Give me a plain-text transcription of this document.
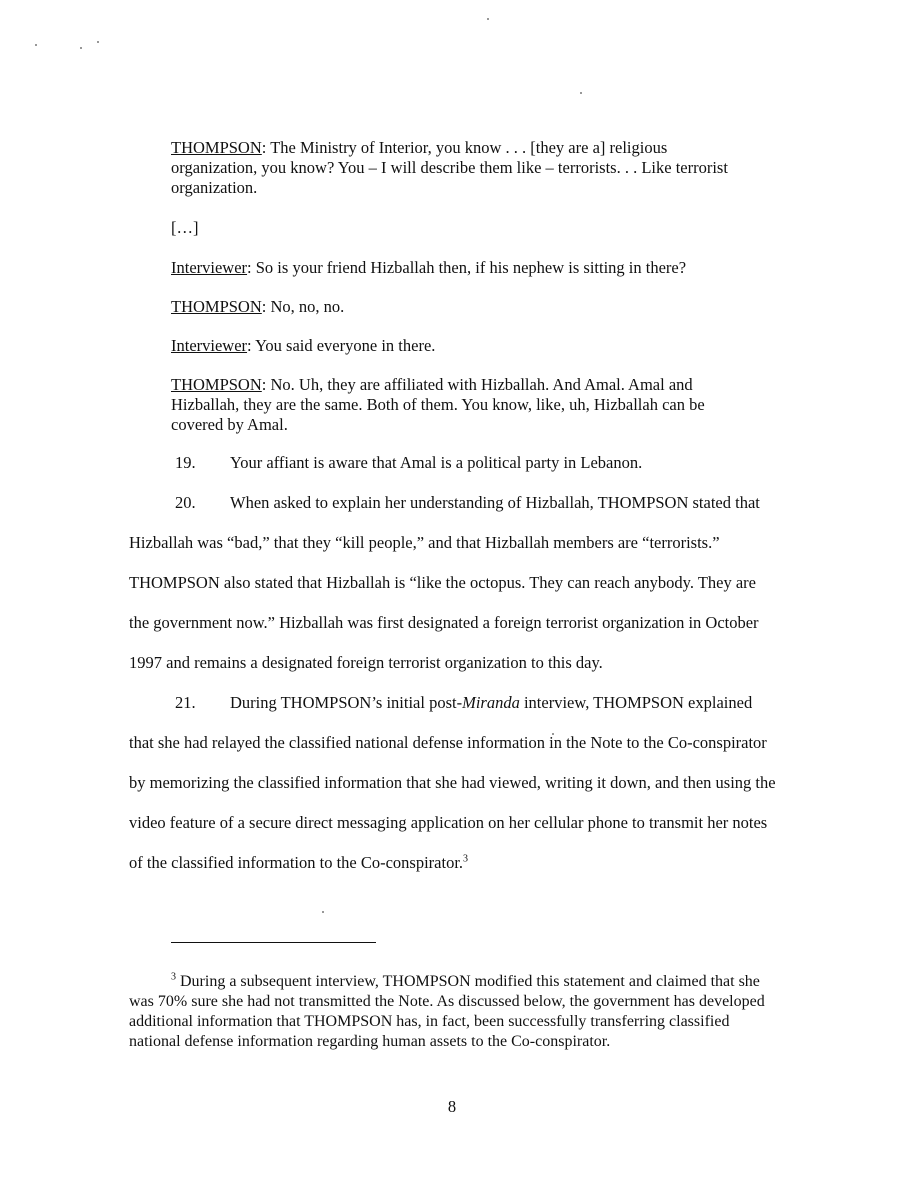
THOMPSON: The Ministry of Interior, you know . . . [they are a] religious organization, you know? You – I will describe them like – terrorists. . . Like terrorist organization.

[…]

Interviewer: So is your friend Hizballah then, if his nephew is sitting in there?

THOMPSON: No, no, no.

Interviewer: You said everyone in there.

THOMPSON: No. Uh, they are affiliated with Hizballah. And Amal. Amal and Hizballah, they are the same. Both of them. You know, like, uh, Hizballah can be covered by Amal.

19. Your affiant is aware that Amal is a political party in Lebanon.

20. When asked to explain her understanding of Hizballah, THOMPSON stated that Hizballah was “bad,” that they “kill people,” and that Hizballah members are “terrorists.” THOMPSON also stated that Hizballah is “like the octopus. They can reach anybody. They are the government now.” Hizballah was first designated a foreign terrorist organization in October 1997 and remains a designated foreign terrorist organization to this day.

21. During THOMPSON’s initial post-Miranda interview, THOMPSON explained that she had relayed the classified national defense information in the Note to the Co-conspirator by memorizing the classified information that she had viewed, writing it down, and then using the video feature of a secure direct messaging application on her cellular phone to transmit her notes of the classified information to the Co-conspirator.$^3$

$^3$ During a subsequent interview, THOMPSON modified this statement and claimed that she was 70% sure she had not transmitted the Note. As discussed below, the government has developed additional information that THOMPSON has, in fact, been successfully transferring classified national defense information regarding human assets to the Co-conspirator.

8
